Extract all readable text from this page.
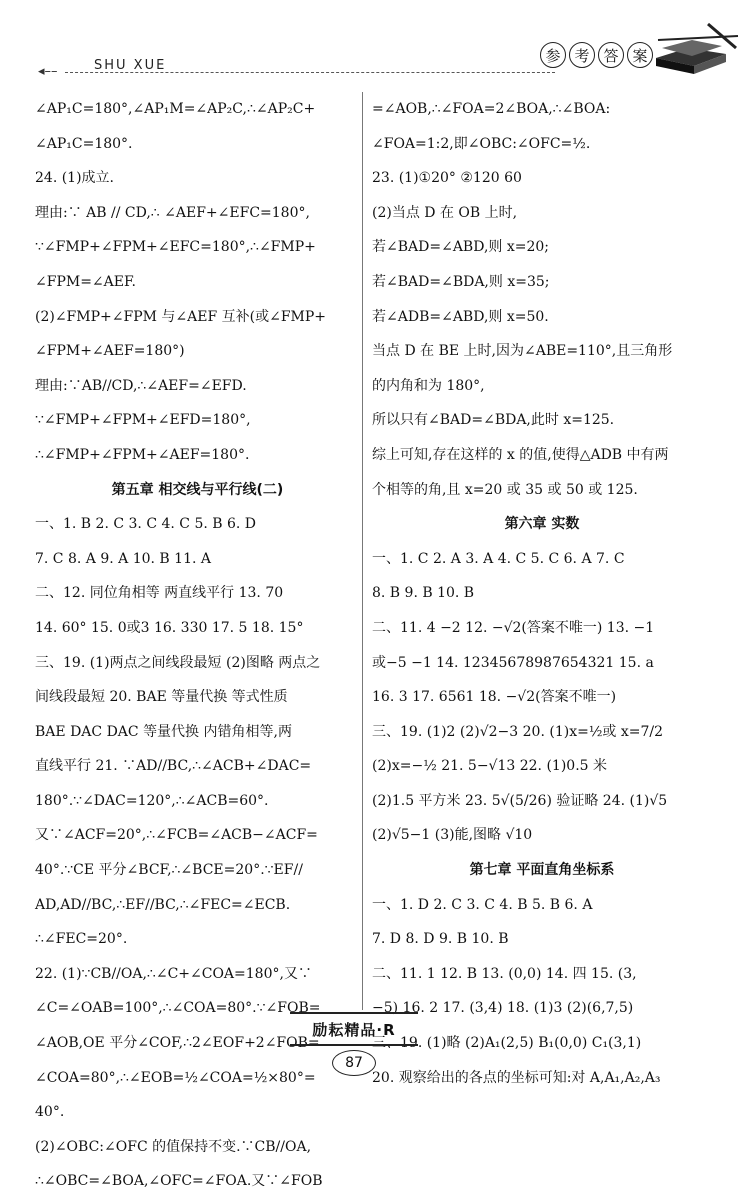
◂––	SHU XUE
参 考 答 案
∠AP₁C=180°,∠AP₁M=∠AP₂C,∴∠AP₂C+
∠AP₁C=180°.
24. (1)成立.
理由:∵ AB // CD,∴ ∠AEF+∠EFC=180°,
∵∠FMP+∠FPM+∠EFC=180°,∴∠FMP+
∠FPM=∠AEF.
(2)∠FMP+∠FPM 与∠AEF 互补(或∠FMP+
∠FPM+∠AEF=180°)
理由:∵AB//CD,∴∠AEF=∠EFD.
∵∠FMP+∠FPM+∠EFD=180°,
∴∠FMP+∠FPM+∠AEF=180°.
第五章 相交线与平行线(二)
一、1. B 2. C 3. C 4. C 5. B 6. D
7. C 8. A 9. A 10. B 11. A
二、12. 同位角相等 两直线平行 13. 70
14. 60° 15. 0或3 16. 330 17. 5 18. 15°
三、19. (1)两点之间线段最短 (2)图略 两点之
间线段最短 20. BAE 等量代换 等式性质
BAE DAC DAC 等量代换 内错角相等,两
直线平行 21. ∵AD//BC,∴∠ACB+∠DAC=
180°.∵∠DAC=120°,∴∠ACB=60°.
又∵∠ACF=20°,∴∠FCB=∠ACB−∠ACF=
40°.∵CE 平分∠BCF,∴∠BCE=20°.∵EF//
AD,AD//BC,∴EF//BC,∴∠FEC=∠ECB.
∴∠FEC=20°.
22. (1)∵CB//OA,∴∠C+∠COA=180°,又∵
∠C=∠OAB=100°,∴∠COA=80°.∵∠FOB=
∠AOB,OE 平分∠COF,∴2∠EOF+2∠FOB=
∠COA=80°,∴∠EOB=½∠COA=½×80°=
40°.
(2)∠OBC:∠OFC 的值保持不变.∵CB//OA,
∴∠OBC=∠BOA,∠OFC=∠FOA.又∵∠FOB
=∠AOB,∴∠FOA=2∠BOA,∴∠BOA:
∠FOA=1:2,即∠OBC:∠OFC=½.
23. (1)①20° ②120 60
(2)当点 D 在 OB 上时,
若∠BAD=∠ABD,则 x=20;
若∠BAD=∠BDA,则 x=35;
若∠ADB=∠ABD,则 x=50.
当点 D 在 BE 上时,因为∠ABE=110°,且三角形
的内角和为 180°,
所以只有∠BAD=∠BDA,此时 x=125.
综上可知,存在这样的 x 的值,使得△ADB 中有两
个相等的角,且 x=20 或 35 或 50 或 125.
第六章 实数
一、1. C 2. A 3. A 4. C 5. C 6. A 7. C
8. B 9. B 10. B
二、11. 4 −2 12. −√2(答案不唯一) 13. −1
或−5 −1 14. 12345678987654321 15. a
16. 3 17. 6561 18. −√2(答案不唯一)
三、19. (1)2 (2)√2−3 20. (1)x=½或 x=7/2
(2)x=−½ 21. 5−√13 22. (1)0.5 米
(2)1.5 平方米 23. 5√(5/26) 验证略 24. (1)√5
(2)√5−1 (3)能,图略 √10
第七章 平面直角坐标系
一、1. D 2. C 3. C 4. B 5. B 6. A
7. D 8. D 9. B 10. B
二、11. 1 12. B 13. (0,0) 14. 四 15. (3,
−5) 16. 2 17. (3,4) 18. (1)3 (2)(6,7,5)
三、19. (1)略 (2)A₁(2,5) B₁(0,0) C₁(3,1)
20. 观察给出的各点的坐标可知:对 A,A₁,A₂,A₃
励耘精品·R
87
